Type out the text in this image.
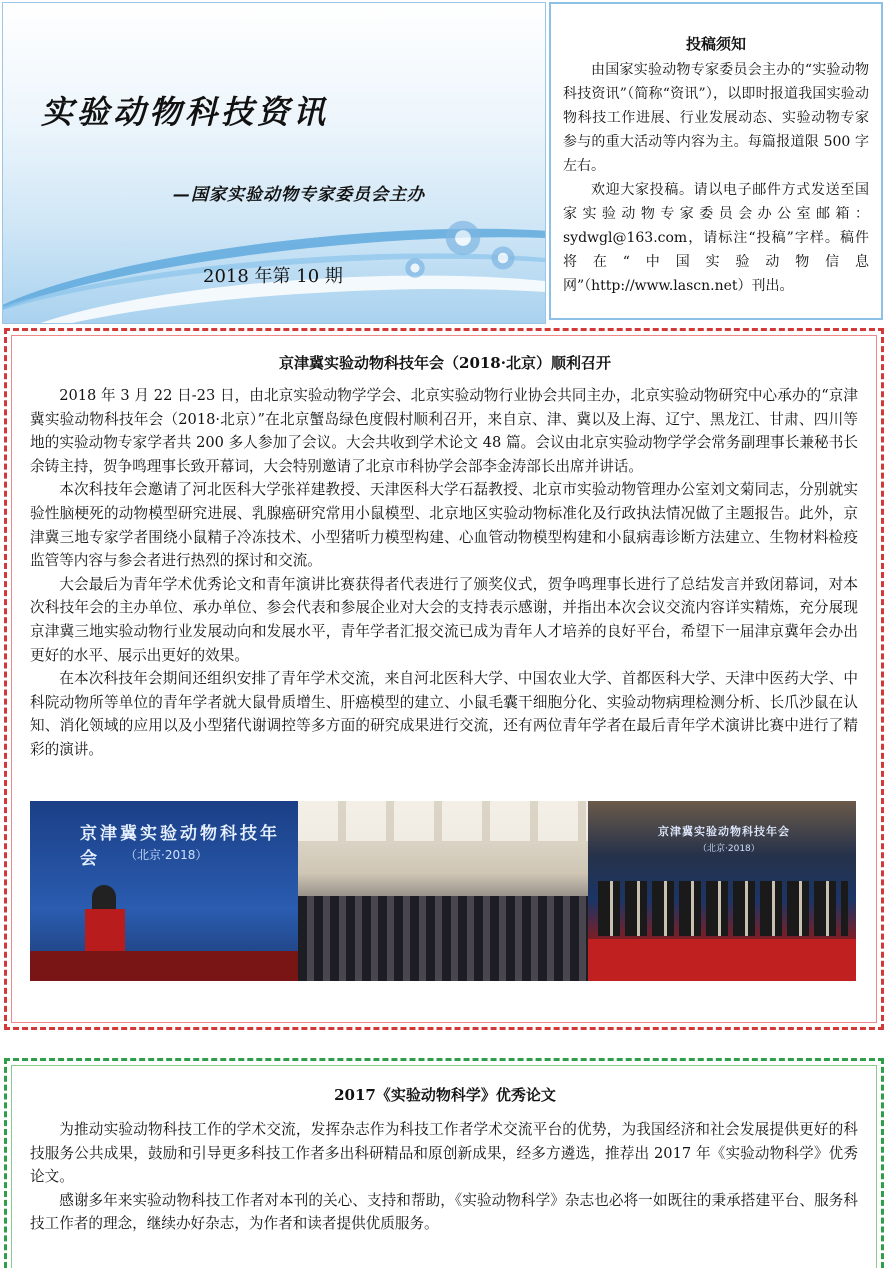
实验动物科技资讯
—国家实验动物专家委员会主办
2018 年第 10 期
投稿须知

由国家实验动物专家委员会主办的“实验动物科技资讯”（简称“资讯”），以即时报道我国实验动物科技工作进展、行业发展动态、实验动物专家参与的重大活动等内容为主。每篇报道限 500 字左右。

欢迎大家投稿。请以电子邮件方式发送至国家实验动物专家委员会办公室邮箱：sydwgl@163.com，请标注“投稿”字样。稿件将在“中国实验动物信息网”（http://www.lascn.net）刊出。

京津冀实验动物科技年会（2018·北京）顺利召开

2018 年 3 月 22 日-23 日，由北京实验动物学学会、北京实验动物行业协会共同主办，北京实验动物研究中心承办的“京津冀实验动物科技年会（2018·北京）”在北京蟹岛绿色度假村顺利召开，来自京、津、冀以及上海、辽宁、黑龙江、甘肃、四川等地的实验动物专家学者共 200 多人参加了会议。大会共收到学术论文 48 篇。会议由北京实验动物学学会常务副理事长兼秘书长余铸主持，贺争鸣理事长致开幕词，大会特别邀请了北京市科协学会部李金涛部长出席并讲话。

本次科技年会邀请了河北医科大学张祥建教授、天津医科大学石磊教授、北京市实验动物管理办公室刘文菊同志，分别就实验性脑梗死的动物模型研究进展、乳腺癌研究常用小鼠模型、北京地区实验动物标准化及行政执法情况做了主题报告。此外，京津冀三地专家学者围绕小鼠精子冷冻技术、小型猪听力模型构建、心血管动物模型构建和小鼠病毒诊断方法建立、生物材料检疫监管等内容与参会者进行热烈的探讨和交流。

大会最后为青年学术优秀论文和青年演讲比赛获得者代表进行了颁奖仪式，贺争鸣理事长进行了总结发言并致闭幕词，对本次科技年会的主办单位、承办单位、参会代表和参展企业对大会的支持表示感谢，并指出本次会议交流内容详实精炼，充分展现京津冀三地实验动物行业发展动向和发展水平，青年学者汇报交流已成为青年人才培养的良好平台，希望下一届津京冀年会办出更好的水平、展示出更好的效果。

在本次科技年会期间还组织安排了青年学术交流，来自河北医科大学、中国农业大学、首都医科大学、天津中医药大学、中科院动物所等单位的青年学者就大鼠骨质增生、肝癌模型的建立、小鼠毛囊干细胞分化、实验动物病理检测分析、长爪沙鼠在认知、消化领域的应用以及小型猪代谢调控等多方面的研究成果进行交流，还有两位青年学者在最后青年学术演讲比赛中进行了精彩的演讲。

京津冀实验动物科技年会	（北京·2018）
京津冀实验动物科技年会
（北京·2018）
2017《实验动物科学》优秀论文

为推动实验动物科技工作的学术交流，发挥杂志作为科技工作者学术交流平台的优势，为我国经济和社会发展提供更好的科技服务公共成果，鼓励和引导更多科技工作者多出科研精品和原创新成果，经多方遴选，推荐出 2017 年《实验动物科学》优秀论文。

感谢多年来实验动物科技工作者对本刊的关心、支持和帮助，《实验动物科学》杂志也必将一如既往的秉承搭建平台、服务科技工作者的理念，继续办好杂志，为作者和读者提供优质服务。
